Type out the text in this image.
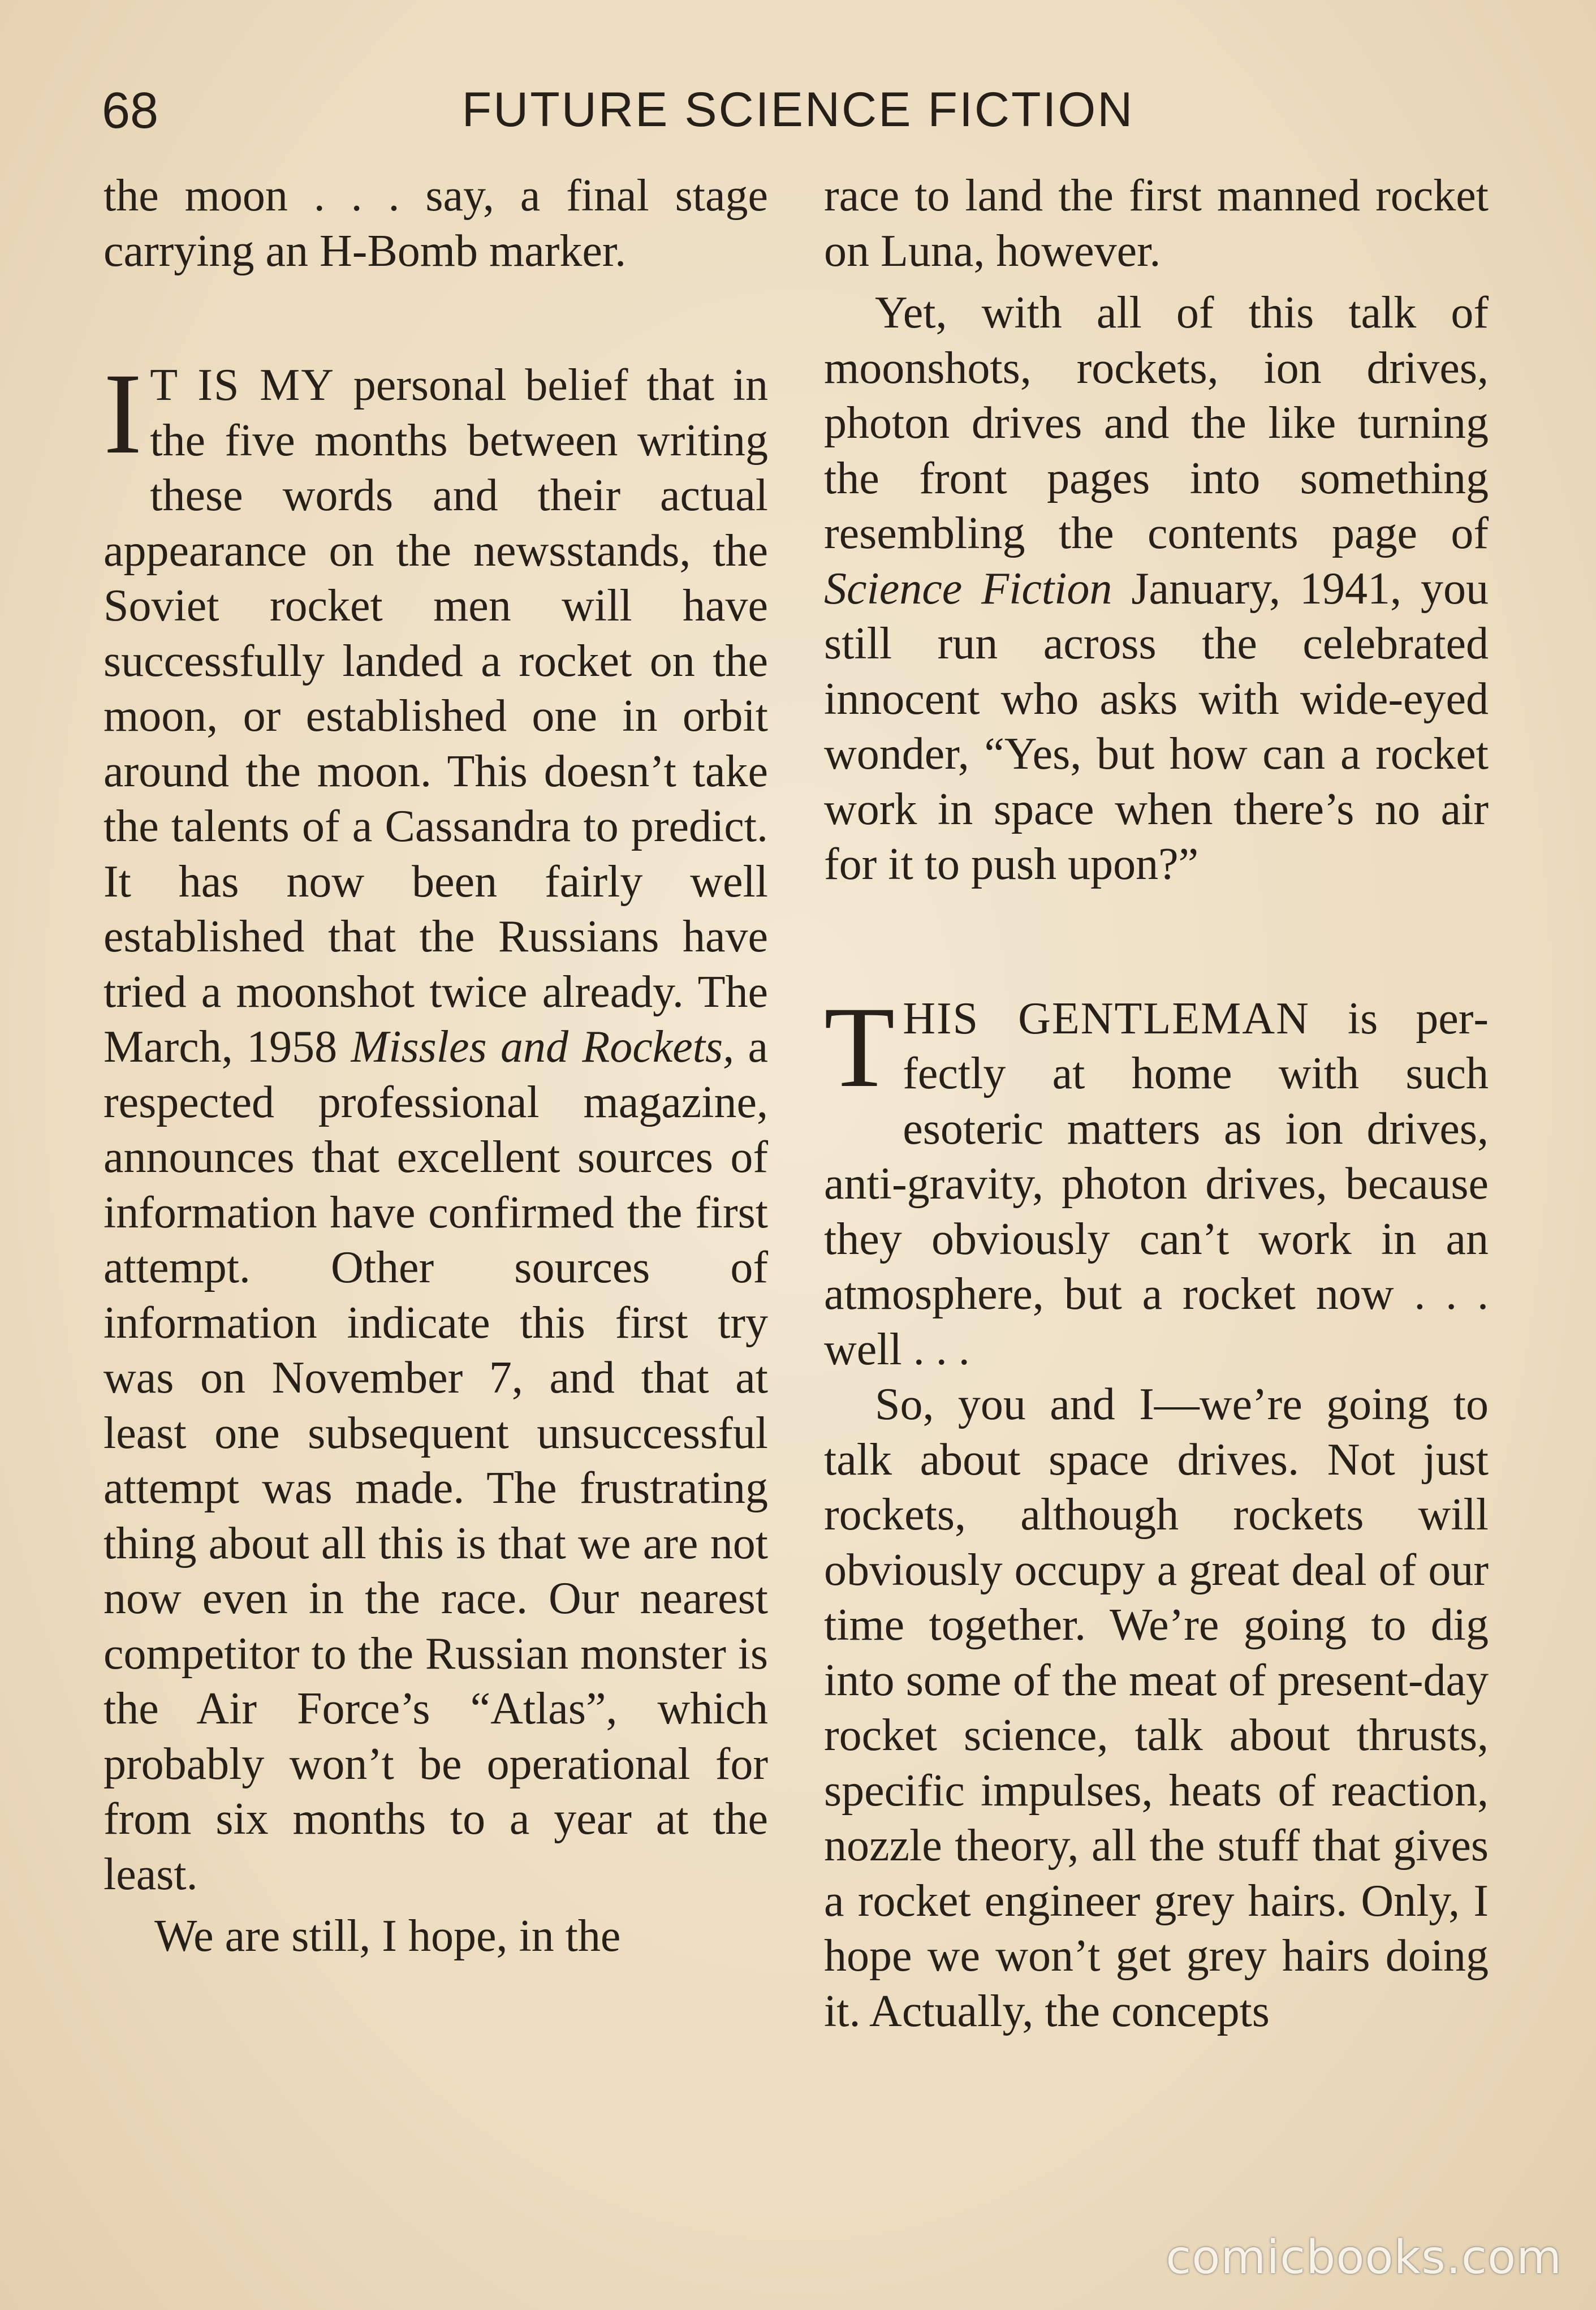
68	FUTURE SCIENCE FICTION

the moon . . . say, a final stage carrying an H-Bomb marker.

I T IS MY personal belief that in the five months between writing these words and their actual appearance on the newsstands, the Soviet rocket men will have successfully landed a rocket on the moon, or established one in orbit around the moon. This doesn’t take the talents of a Cassandra to predict. It has now been fairly well established that the Russians have tried a moonshot twice already. The March, 1958 Missles and Rockets, a respected professional magazine, announces that excellent sources of information have confirmed the first attempt. Other sources of information indicate this first try was on November 7, and that at least one subsequent unsuccessful attempt was made. The frustrating thing about all this is that we are not now even in the race. Our nearest competitor to the Russian monster is the Air Force’s “Atlas”, which probably won’t be operational for from six months to a year at the least.

We are still, I hope, in the

race to land the first manned rocket on Luna, however.

Yet, with all of this talk of moonshots, rockets, ion drives, photon drives and the like turning the front pages into something resembling the contents page of Science Fiction January, 1941, you still run across the celebrated innocent who asks with wide-eyed wonder, “Yes, but how can a rocket work in space when there’s no air for it to push upon?”

THIS GENTLEMAN is perfectly at home with such esoteric matters as ion drives, anti-gravity, photon drives, because they obviously can’t work in an atmosphere, but a rocket now . . . well . . .

So, you and I—we’re going to talk about space drives. Not just rockets, although rockets will obviously occupy a great deal of our time together. We’re going to dig into some of the meat of present-day rocket science, talk about thrusts, specific impulses, heats of reaction, nozzle theory, all the stuff that gives a rocket engineer grey hairs. Only, I hope we won’t get grey hairs doing it. Actually, the concepts

comicbooks.com
